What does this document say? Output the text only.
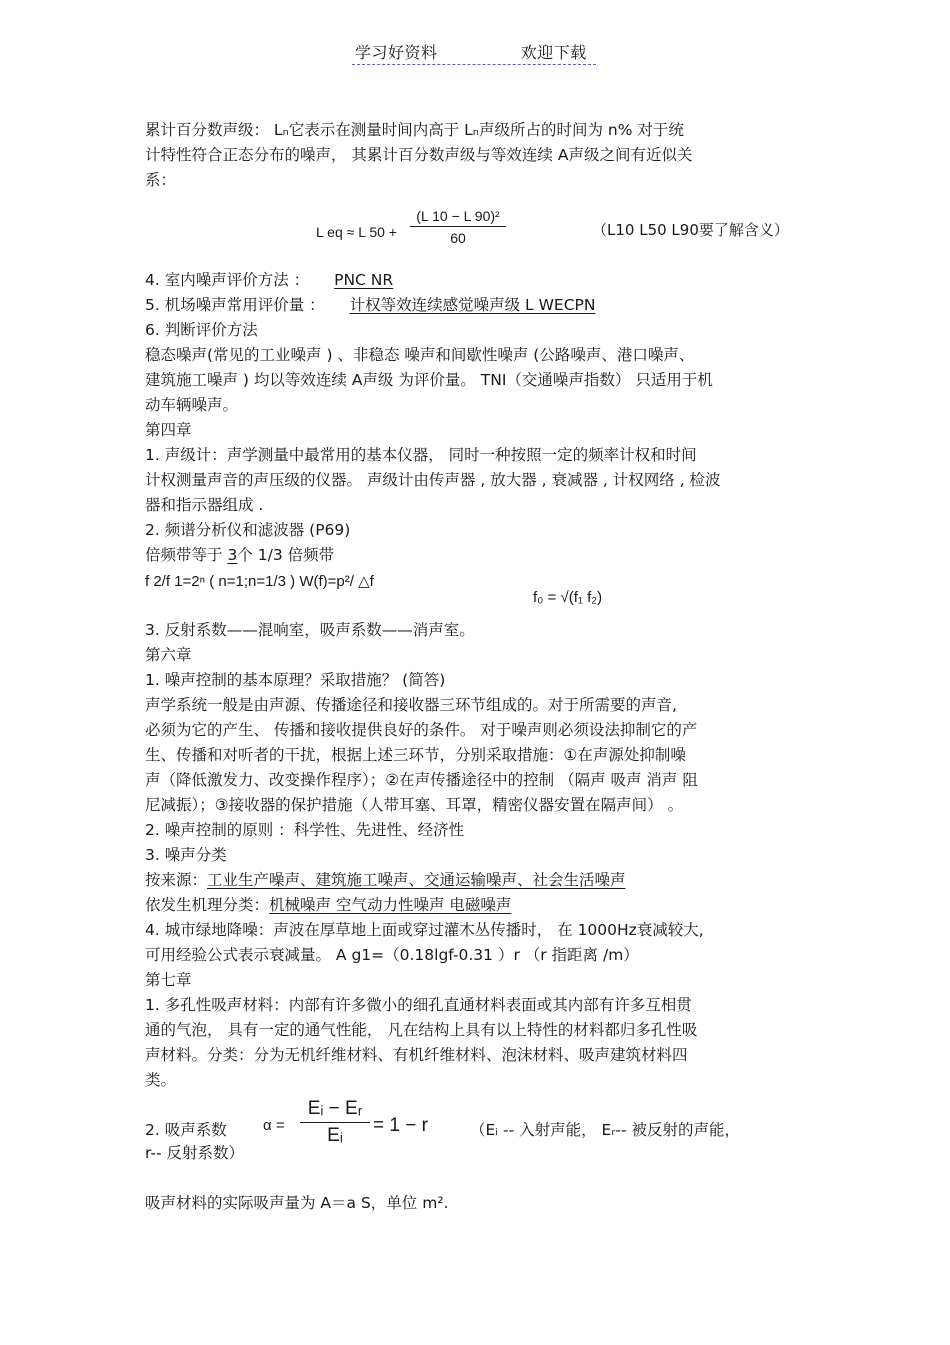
学习好资料	欢迎下载
累计百分数声级： Lₙ它表示在测量时间内高于 Lₙ声级所占的时间为 n% 对于统
计特性符合正态分布的噪声， 其累计百分数声级与等效连续 A声级之间有近似关
系：
L eq ≈ L $50 + \frac{\text{(L 10 − L 90)²}}{60}$	（L10 L50 L90要了解含义）
4. 室内噪声评价方法 ： PNC NR
5. 机场噪声常用评价量 ： 计权等效连续感觉噪声级 L WECPN
6. 判断评价方法
稳态噪声(常见的工业噪声 ) 、非稳态 噪声和间歇性噪声 (公路噪声、港口噪声、
建筑施工噪声 ) 均以等效连续 A声级 为评价量。 TNI（交通噪声指数） 只适用于机
动车辆噪声。
第四章
1. 声级计：声学测量中最常用的基本仪器， 同时一种按照一定的频率计权和时间
计权测量声音的声压级的仪器。 声级计由传声器 , 放大器 , 衰减器 , 计权网络 , 检波
器和指示器组成 .
2. 频谱分析仪和滤波器 (P69)
倍频带等于 3个 1/3 倍频带
f 2/f 1=2ⁿ ( n=1;n=1/3 ) W(f)=p²/ △f
f₀ = √(f₁ f₂)
3. 反射系数——混响室，吸声系数——消声室。
第六章
1. 噪声控制的基本原理？采取措施？ (简答)
声学系统一般是由声源、传播途径和接收器三环节组成的。对于所需要的声音,
必须为它的产生、 传播和接收提供良好的条件。 对于噪声则必须设法抑制它的产
生、传播和对听者的干扰，根据上述三环节，分别采取措施：①在声源处抑制噪
声（降低激发力、改变操作程序）；②在声传播途径中的控制 （隔声 吸声 消声 阻
尼减振）；③接收器的保护措施（人带耳塞、耳罩，精密仪器安置在隔声间） 。
2. 噪声控制的原则 ：科学性、先进性、经济性
3. 噪声分类
按来源：工业生产噪声、建筑施工噪声、交通运输噪声、社会生活噪声
依发生机理分类：机械噪声 空气动力性噪声 电磁噪声
4. 城市绿地降噪：声波在厚草地上面或穿过灌木丛传播时， 在 1000Hz衰减较大,
可用经验公式表示衰减量。 A g1=（0.18lgf-0.31 ）r （r 指距离 /m）
第七章
1. 多孔性吸声材料：内部有许多微小的细孔直通材料表面或其内部有许多互相贯
通的气泡， 具有一定的通气性能， 凡在结构上具有以上特性的材料都归多孔性吸
声材料。分类：分为无机纤维材料、有机纤维材料、泡沫材料、吸声建筑材料四
类。
2. 吸声系数 $\alpha = \frac{\text{Eᵢ − Eᵣ}}{\text{Eᵢ}} = 1 - r$	（Eᵢ -- 入射声能， Eᵣ-- 被反射的声能，
r-- 反射系数）
吸声材料的实际吸声量为 A＝a S，单位 m².
